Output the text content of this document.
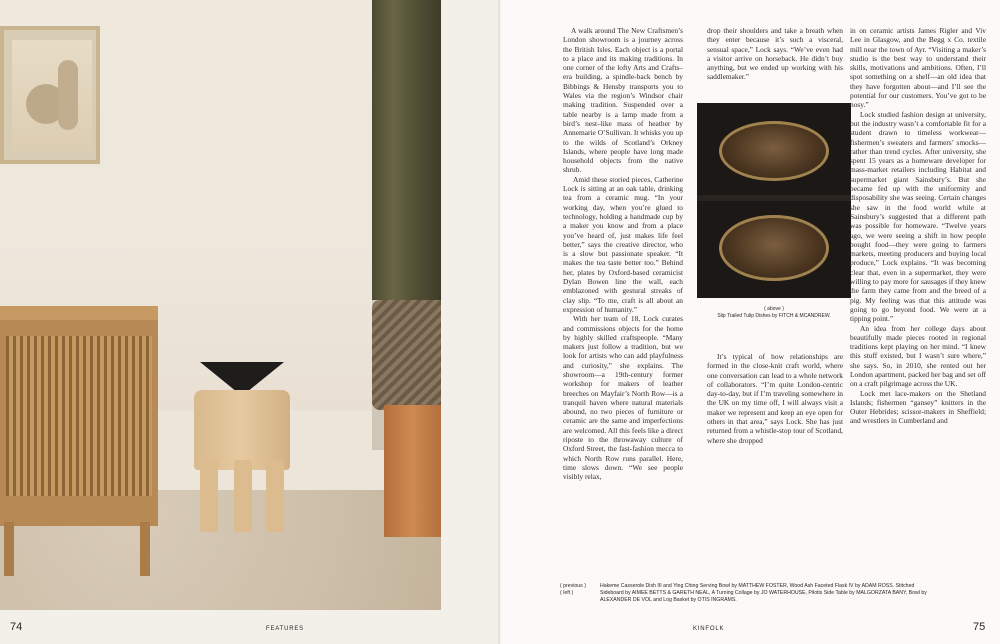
74	FEATURES

A walk around The New Craftsmen’s London showroom is a journey across the British Isles. Each object is a portal to a place and its making traditions. In one corner of the lofty Arts and Crafts–era building, a spindle-back bench by Bibbings & Hensby transports you to Wales via the region’s Windsor chair making tradition. Suspended over a table nearby is a lamp made from a bird’s nest–like mass of heather by Annemarie O’Sullivan. It whisks you up to the wilds of Scotland’s Orkney Islands, where people have long made household objects from the native shrub.

Amid these storied pieces, Catherine Lock is sitting at an oak table, drinking tea from a ceramic mug. “In your working day, when you’re glued to technology, holding a handmade cup by a maker you know and from a place you’ve heard of, just makes life feel better,” says the creative director, who is a slow but passionate speaker. “It makes the tea taste better too.” Behind her, plates by Oxford-based ceramicist Dylan Bowen line the wall, each emblazoned with gestural streaks of clay slip. “To me, craft is all about an expression of humanity.”

With her team of 18, Lock curates and commissions objects for the home by highly skilled craftspeople. “Many makers just follow a tradition, but we look for artists who can add playfulness and curiosity,” she explains. The showroom—a 19th-century former workshop for makers of leather breeches on Mayfair’s North Row—is a tranquil haven where natural materials abound, no two pieces of furniture or ceramic are the same and imperfections are welcomed. All this feels like a direct riposte to the throwaway culture of Oxford Street, the fast-fashion mecca to which North Row runs parallel. Here, time slows down. “We see people visibly relax,

drop their shoulders and take a breath when they enter because it’s such a visceral, sensual space,” Lock says. “We’ve even had a visitor arrive on horseback. He didn’t buy anything, but we ended up working with his saddlemaker.”

It’s typical of how relationships are formed in the close-knit craft world, where one conversation can lead to a whole network of collaborators. “I’m quite London-centric day-to-day, but if I’m traveling somewhere in the UK on my time off, I will always visit a maker we represent and keep an eye open for others in that area,” says Lock. She has just returned from a whistle-stop tour of Scotland, where she dropped

( above )
Slip Trailed Tulip Dishes by FITCH & MCANDREW.

in on ceramic artists James Rigler and Viv Lee in Glasgow, and the Begg x Co. textile mill near the town of Ayr. “Visiting a maker’s studio is the best way to understand their skills, motivations and ambitions. Often, I’ll spot something on a shelf—an old idea that they have forgotten about—and I’ll see the potential for our customers. You’ve got to be nosy.”

Lock studied fashion design at university, but the industry wasn’t a comfortable fit for a student drawn to timeless workwear—fishermen’s sweaters and farmers’ smocks—rather than trend cycles. After university, she spent 15 years as a homeware developer for mass-market retailers including Habitat and supermarket giant Sainsbury’s. But she became fed up with the uniformity and disposability she was seeing. Certain changes she saw in the food world while at Sainsbury’s suggested that a different path was possible for homeware. “Twelve years ago, we were seeing a shift in how people bought food—they were going to farmers markets, meeting producers and buying local produce,” Lock explains. “It was becoming clear that, even in a supermarket, they were willing to pay more for sausages if they knew the farm they came from and the breed of a pig. My feeling was that this attitude was going to go beyond food. We were at a tipping point.”

An idea from her college days about beautifully made pieces rooted in regional traditions kept playing on her mind. “I knew this stuff existed, but I wasn’t sure where,” she says. So, in 2010, she rented out her London apartment, packed her bag and set off on a craft pilgrimage across the UK.

Lock met lace-makers on the Shetland Islands; fishermen “gansey” knitters in the Outer Hebrides; scissor-makers in Sheffield; and wrestlers in Cumberland and

( previous )
( left )
Hakeme Casserole Dish III and Ying Ching Serving Bowl by MATTHEW FOSTER, Wood Ash Faceted Flask IV by ADAM ROSS. Stitched Sideboard by AIMEE BETTS & GARETH NEAL, A Turning Collage by JO WATERHOUSE, Pilotis Side Table by MALGORZATA BANY, Bowl by ALEXANDER DE VOL and Log Basket by OTIS INGRAMS.
KINFOLK	75
